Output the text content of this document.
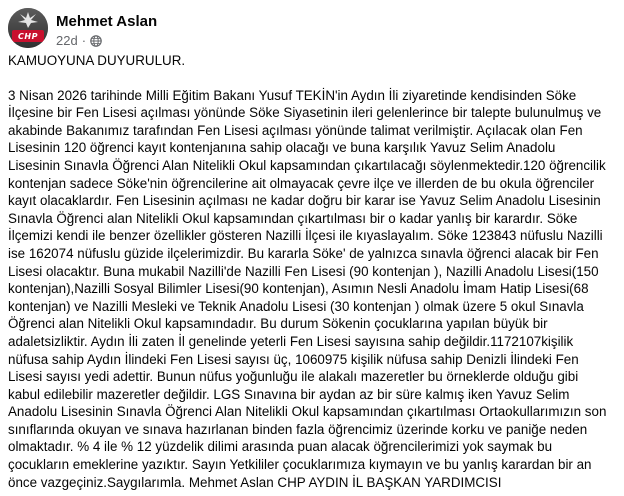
CHP
Mehmet Aslan
22d ·

KAMUOYUNA DUYURULUR.

3 Nisan 2026 tarihinde Milli Eğitim Bakanı Yusuf TEKİN'in Aydın İli ziyaretinde kendisinden Söke İlçesine bir Fen Lisesi açılması yönünde Söke Siyasetinin ileri gelenlerince bir talepte bulunulmuş ve akabinde Bakanımız tarafından Fen Lisesi açılması yönünde talimat verilmiştir. Açılacak olan Fen Lisesinin 120 öğrenci kayıt kontenjanına sahip olacağı ve buna karşılık Yavuz Selim Anadolu Lisesinin Sınavla Öğrenci Alan Nitelikli Okul kapsamından çıkartılacağı söylenmektedir.120 öğrencilik kontenjan sadece Söke'nin öğrencilerine ait olmayacak çevre ilçe ve illerden de bu okula öğrenciler kayıt olacaklardır. Fen Lisesinin açılması ne kadar doğru bir karar ise Yavuz Selim Anadolu Lisesinin Sınavla Öğrenci alan Nitelikli Okul kapsamından çıkartılması bir o kadar yanlış bir karardır. Söke İlçemizi kendi ile benzer özellikler gösteren Nazilli İlçesi ile kıyaslayalım. Söke 123843 nüfuslu Nazilli ise 162074 nüfuslu güzide ilçelerimizdir. Bu kararla Söke' de yalnızca sınavla öğrenci alacak bir Fen Lisesi olacaktır. Buna mukabil Nazilli'de Nazilli Fen Lisesi (90 kontenjan ), Nazilli Anadolu Lisesi(150 kontenjan),Nazilli Sosyal Bilimler Lisesi(90 kontenjan), Asımın Nesli Anadolu İmam Hatip Lisesi(68 kontenjan) ve Nazilli Mesleki ve Teknik Anadolu Lisesi (30 kontenjan ) olmak üzere 5 okul Sınavla Öğrenci alan Nitelikli Okul kapsamındadır. Bu durum Sökenin çocuklarına yapılan büyük bir adaletsizliktir. Aydın İli zaten İl genelinde yeterli Fen Lisesi sayısına sahip değildir.1172107kişilik nüfusa sahip Aydın İlindeki Fen Lisesi sayısı üç, 1060975 kişilik nüfusa sahip Denizli İlindeki Fen Lisesi sayısı yedi adettir. Bunun nüfus yoğunluğu ile alakalı mazeretler bu örneklerde olduğu gibi kabul edilebilir mazeretler değildir. LGS Sınavına bir aydan az bir süre kalmış iken Yavuz Selim Anadolu Lisesinin Sınavla Öğrenci Alan Nitelikli Okul kapsamından çıkartılması Ortaokullarımızın son sınıflarında okuyan ve sınava hazırlanan binden fazla öğrencimiz üzerinde korku ve paniğe neden olmaktadır. % 4 ile % 12 yüzdelik dilimi arasında puan alacak öğrencilerimizi yok saymak bu çocukların emeklerine yazıktır. Sayın Yetkililer çocuklarımıza kıymayın ve bu yanlış karardan bir an önce vazgeçiniz.Saygılarımla. Mehmet Aslan CHP AYDIN İL BAŞKAN YARDIMCISI
